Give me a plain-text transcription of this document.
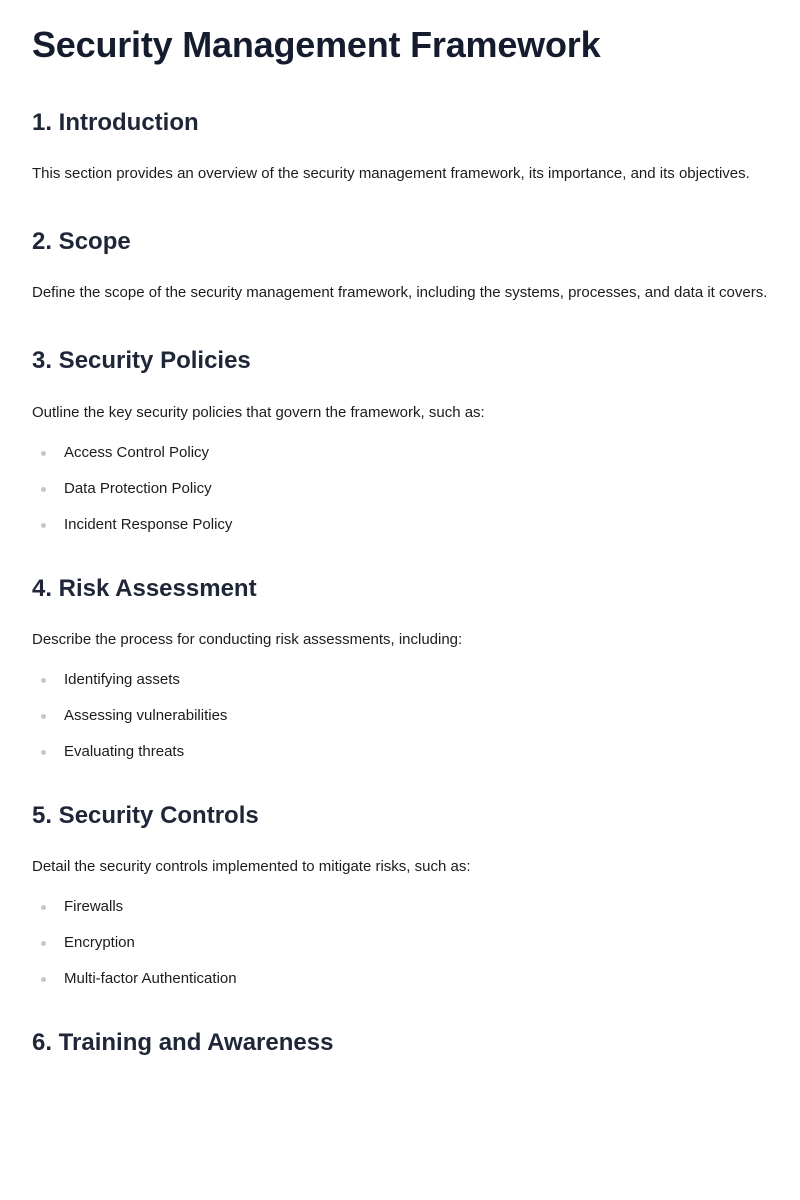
Security Management Framework
1. Introduction

This section provides an overview of the security management framework, its importance, and its objectives.

2. Scope

Define the scope of the security management framework, including the systems, processes, and data it covers.

3. Security Policies

Outline the key security policies that govern the framework, such as:

Access Control Policy
Data Protection Policy
Incident Response Policy
4. Risk Assessment

Describe the process for conducting risk assessments, including:

Identifying assets
Assessing vulnerabilities
Evaluating threats
5. Security Controls

Detail the security controls implemented to mitigate risks, such as:

Firewalls
Encryption
Multi-factor Authentication
6. Training and Awareness
